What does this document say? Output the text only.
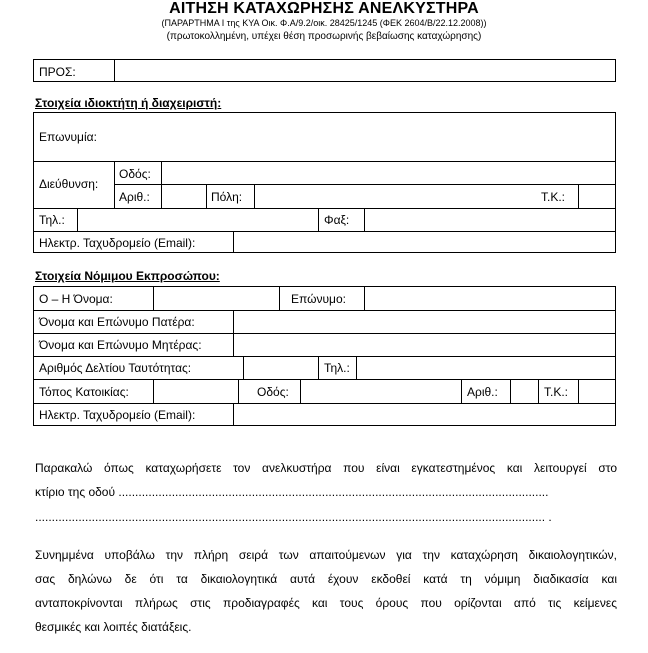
ΑΙΤΗΣΗ ΚΑΤΑΧΩΡΗΣΗΣ ΑΝΕΛΚΥΣΤΗΡΑ
(ΠΑΡΑΡΤΗΜΑ Ι της ΚΥΑ Οικ. Φ.Α/9.2/οικ. 28425/1245 (ΦΕΚ 2604/Β/22.12.2008))
(πρωτοκολλημένη, υπέχει θέση προσωρινής βεβαίωσης καταχώρησης)
ΠΡΟΣ:
Στοιχεία ιδιοκτήτη ή διαχειριστή:
Επωνυμία:
Διεύθυνση:
Οδός:
Αριθ.:	Πόλη:	Τ.Κ.:
Τηλ.:	Φαξ:
Ηλεκτρ. Ταχυδρομείο (Email):
Στοιχεία Νόμιμου Εκπροσώπου:
Ο – Η Όνομα:	Επώνυμο:
Όνομα και Επώνυμο Πατέρα:
Όνομα και Επώνυμο Μητέρας:
Αριθμός Δελτίου Ταυτότητας:	Τηλ.:
Τόπος Κατοικίας:	Οδός:	Αριθ.:	Τ.Κ.:
Ηλεκτρ. Ταχυδρομείο (Email):
Παρακαλώ όπως καταχωρήσετε τον ανελκυστήρα που είναι εγκατεστημένος και λειτουργεί στο
κτίριο της οδού .................................................................................................................................
......................................................................................................................................................... .
Συνημμένα υποβάλω την πλήρη σειρά των απαιτούμενων για την καταχώρηση δικαιολογητικών,
σας δηλώνω δε ότι τα δικαιολογητικά αυτά έχουν εκδοθεί κατά τη νόμιμη διαδικασία και
ανταποκρίνονται πλήρως στις προδιαγραφές και τους όρους που ορίζονται από τις κείμενες
θεσμικές και λοιπές διατάξεις.
